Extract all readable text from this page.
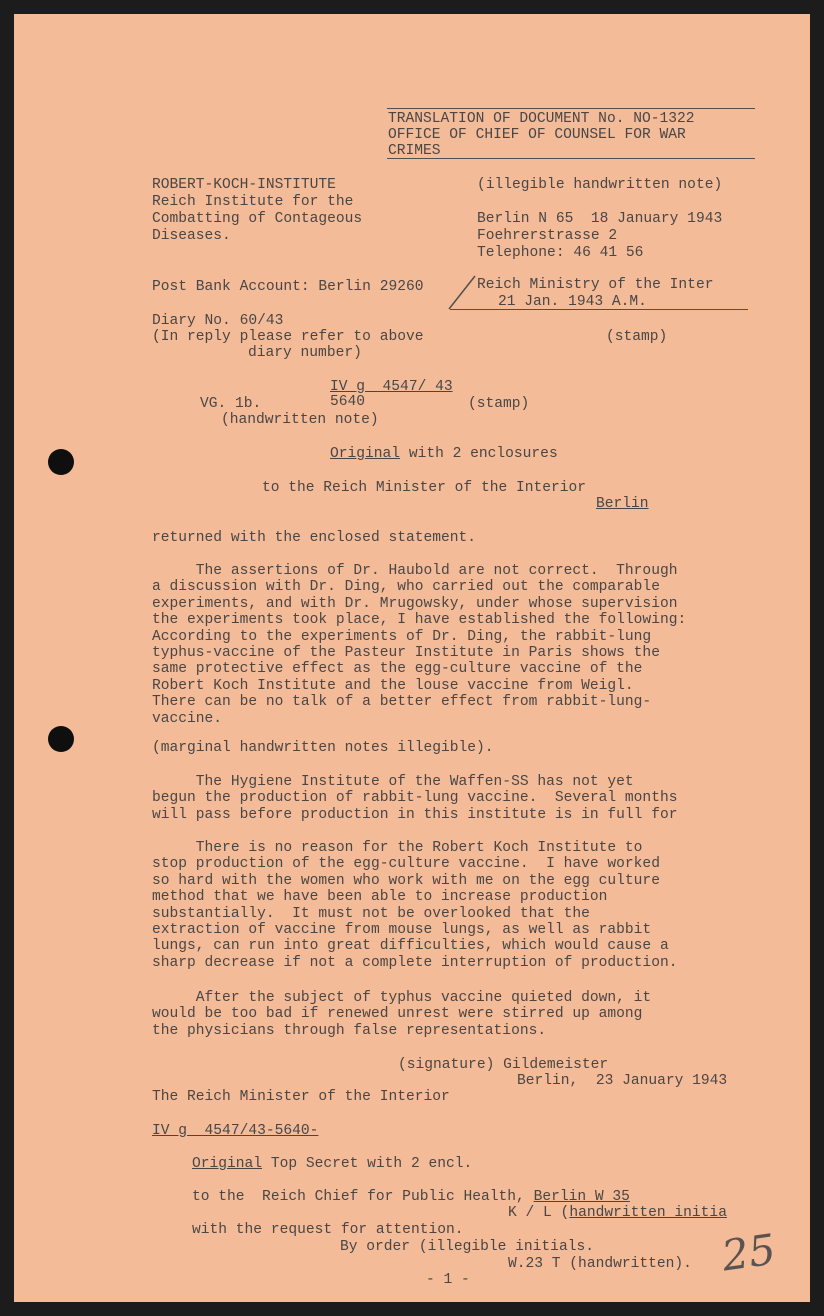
TRANSLATION OF DOCUMENT No. NO-1322
OFFICE OF CHIEF OF COUNSEL FOR WAR
CRIMES
ROBERT-KOCH-INSTITUTE
Reich Institute for the
Combatting of Contageous
Diseases.
(illegible handwritten note)
Berlin N 65  18 January 1943
Foehrerstrasse 2
Telephone: 46 41 56
Post Bank Account: Berlin 29260	Reich Ministry of the Inter
21 Jan. 1943 A.M.
Diary No. 60/43
(In reply please refer to above	(stamp)
diary number)
IV g  4547/ 43
VG. 1b.	5640	(stamp)
(handwritten note)
Original with 2 enclosures
to the Reich Minister of the Interior
Berlin
returned with the enclosed statement.
The assertions of Dr. Haubold are not correct.  Through
a discussion with Dr. Ding, who carried out the comparable
experiments, and with Dr. Mrugowsky, under whose supervision
the experiments took place, I have established the following:
According to the experiments of Dr. Ding, the rabbit-lung
typhus-vaccine of the Pasteur Institute in Paris shows the
same protective effect as the egg-culture vaccine of the
Robert Koch Institute and the louse vaccine from Weigl.
There can be no talk of a better effect from rabbit-lung-
vaccine.
(marginal handwritten notes illegible).
The Hygiene Institute of the Waffen-SS has not yet
begun the production of rabbit-lung vaccine.  Several months
will pass before production in this institute is in full for
There is no reason for the Robert Koch Institute to
stop production of the egg-culture vaccine.  I have worked
so hard with the women who work with me on the egg culture
method that we have been able to increase production
substantially.  It must not be overlooked that the
extraction of vaccine from mouse lungs, as well as rabbit
lungs, can run into great difficulties, which would cause a
sharp decrease if not a complete interruption of production.
After the subject of typhus vaccine quieted down, it
would be too bad if renewed unrest were stirred up among
the physicians through false representations.
(signature) Gildemeister
Berlin,  23 January 1943
The Reich Minister of the Interior
IV g  4547/43-5640-
Original Top Secret with 2 encl.
to the  Reich Chief for Public Health, Berlin W 35
K / L (handwritten initia
with the request for attention.
By order (illegible initials.
W.23 T (handwritten).
- 1 -	25
